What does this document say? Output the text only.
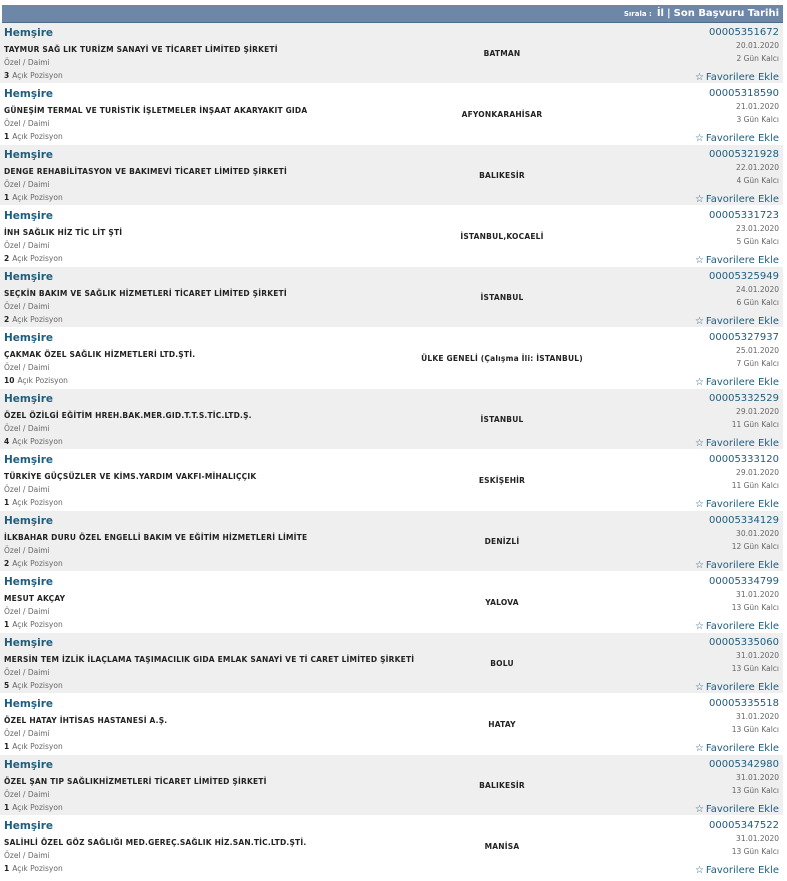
Sırala : İl | Son Başvuru Tarihi
Hemşire
TAYMUR SAĞ LIK TURİZM SANAYİ VE TİCARET LİMİTED ŞİRKETİ
Özel / Daimi
3 Açık Pozisyon
BATMAN
00005351672
20.01.2020
2 Gün Kalcı
☆ Favorilere Ekle
Hemşire
GÜNEŞİM TERMAL VE TURİSTİK İŞLETMELER İNŞAAT AKARYAKIT GIDA
Özel / Daimi
1 Açık Pozisyon
AFYONKARAHİSAR
00005318590
21.01.2020
3 Gün Kalcı
☆ Favorilere Ekle
Hemşire
DENGE REHABİLİTASYON VE BAKIMEVİ TİCARET LİMİTED ŞİRKETİ
Özel / Daimi
1 Açık Pozisyon
BALIKESİR
00005321928
22.01.2020
4 Gün Kalcı
☆ Favorilere Ekle
Hemşire
İNH SAĞLIK HİZ TİC LİT ŞTİ
Özel / Daimi
2 Açık Pozisyon
İSTANBUL,KOCAELİ
00005331723
23.01.2020
5 Gün Kalcı
☆ Favorilere Ekle
Hemşire
SEÇKİN BAKIM VE SAĞLIK HİZMETLERİ TİCARET LİMİTED ŞİRKETİ
Özel / Daimi
2 Açık Pozisyon
İSTANBUL
00005325949
24.01.2020
6 Gün Kalcı
☆ Favorilere Ekle
Hemşire
ÇAKMAK ÖZEL SAĞLIK HİZMETLERİ LTD.ŞTİ.
Özel / Daimi
10 Açık Pozisyon
ÜLKE GENELİ (Çalışma İli: İSTANBUL)
00005327937
25.01.2020
7 Gün Kalcı
☆ Favorilere Ekle
Hemşire
ÖZEL ÖZİLGİ EĞİTİM HREH.BAK.MER.GID.T.T.S.TİC.LTD.Ş.
Özel / Daimi
4 Açık Pozisyon
İSTANBUL
00005332529
29.01.2020
11 Gün Kalcı
☆ Favorilere Ekle
Hemşire
TÜRKİYE GÜÇSÜZLER VE KİMS.YARDIM VAKFI-MİHALIÇÇIK
Özel / Daimi
1 Açık Pozisyon
ESKİŞEHİR
00005333120
29.01.2020
11 Gün Kalcı
☆ Favorilere Ekle
Hemşire
İLKBAHAR DURU ÖZEL ENGELLİ BAKIM VE EĞİTİM HİZMETLERİ LİMİTE
Özel / Daimi
2 Açık Pozisyon
DENİZLİ
00005334129
30.01.2020
12 Gün Kalcı
☆ Favorilere Ekle
Hemşire
MESUT AKÇAY
Özel / Daimi
1 Açık Pozisyon
YALOVA
00005334799
31.01.2020
13 Gün Kalcı
☆ Favorilere Ekle
Hemşire
MERSİN TEM İZLİK İLAÇLAMA TAŞIMACILIK GIDA EMLAK SANAYİ VE Tİ CARET LİMİTED ŞİRKETİ
Özel / Daimi
5 Açık Pozisyon
BOLU
00005335060
31.01.2020
13 Gün Kalcı
☆ Favorilere Ekle
Hemşire
ÖZEL HATAY İHTİSAS HASTANESİ A.Ş.
Özel / Daimi
1 Açık Pozisyon
HATAY
00005335518
31.01.2020
13 Gün Kalcı
☆ Favorilere Ekle
Hemşire
ÖZEL ŞAN TIP SAĞLIKHİZMETLERİ TİCARET LİMİTED ŞİRKETİ
Özel / Daimi
1 Açık Pozisyon
BALIKESİR
00005342980
31.01.2020
13 Gün Kalcı
☆ Favorilere Ekle
Hemşire
SALİHLİ ÖZEL GÖZ SAĞLIĞI MED.GEREÇ.SAĞLIK HİZ.SAN.TİC.LTD.ŞTİ.
Özel / Daimi
1 Açık Pozisyon
MANİSA
00005347522
31.01.2020
13 Gün Kalcı
☆ Favorilere Ekle
